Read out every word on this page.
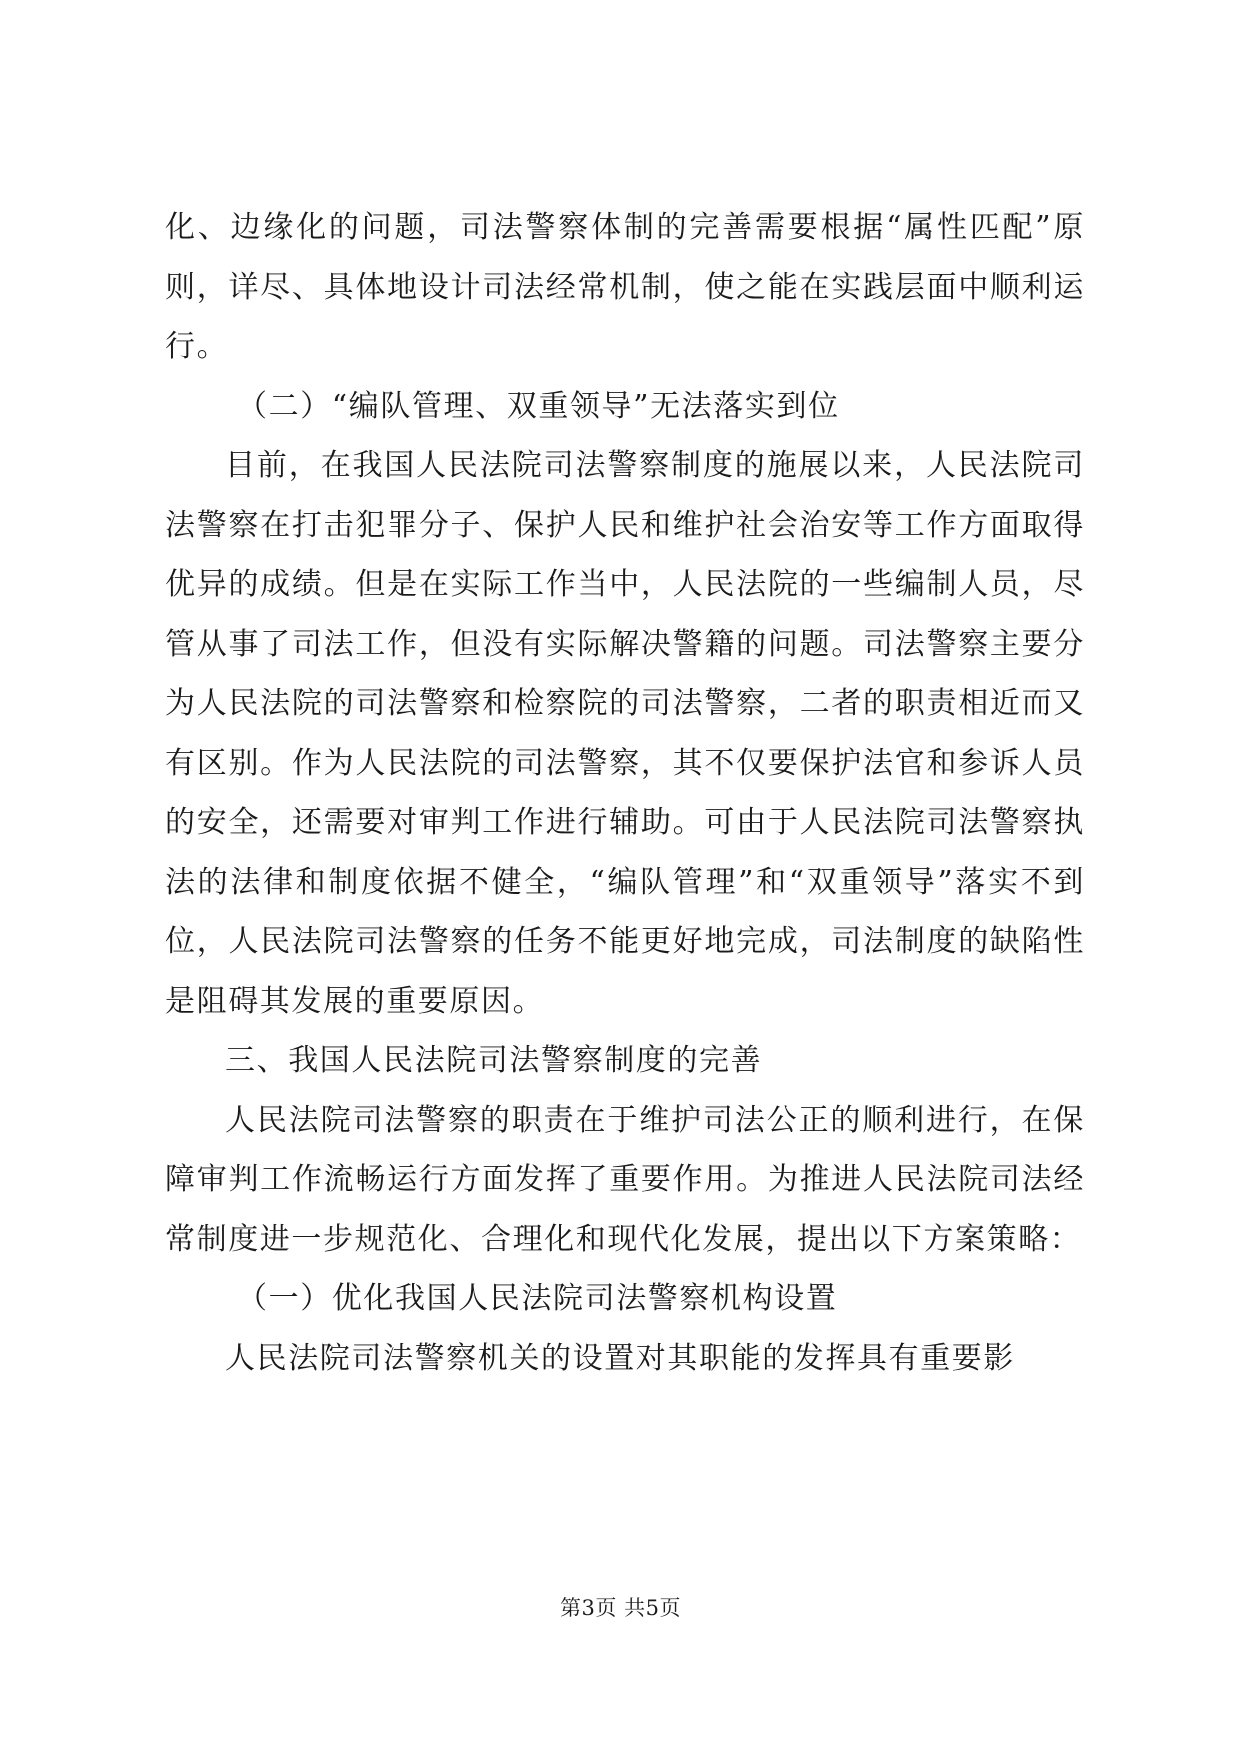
化、边缘化的问题，司法警察体制的完善需要根据“属性匹配”原则，详尽、具体地设计司法经常机制，使之能在实践层面中顺利运行。

（二）“编队管理、双重领导”无法落实到位

目前，在我国人民法院司法警察制度的施展以来，人民法院司法警察在打击犯罪分子、保护人民和维护社会治安等工作方面取得优异的成绩。但是在实际工作当中，人民法院的一些编制人员，尽管从事了司法工作，但没有实际解决警籍的问题。司法警察主要分为人民法院的司法警察和检察院的司法警察，二者的职责相近而又有区别。作为人民法院的司法警察，其不仅要保护法官和参诉人员的安全，还需要对审判工作进行辅助。可由于人民法院司法警察执法的法律和制度依据不健全，“编队管理”和“双重领导”落实不到位，人民法院司法警察的任务不能更好地完成，司法制度的缺陷性是阻碍其发展的重要原因。

三、我国人民法院司法警察制度的完善

人民法院司法警察的职责在于维护司法公正的顺利进行，在保障审判工作流畅运行方面发挥了重要作用。为推进人民法院司法经常制度进一步规范化、合理化和现代化发展，提出以下方案策略：

（一）优化我国人民法院司法警察机构设置

人民法院司法警察机关的设置对其职能的发挥具有重要影

第3页 共5页
